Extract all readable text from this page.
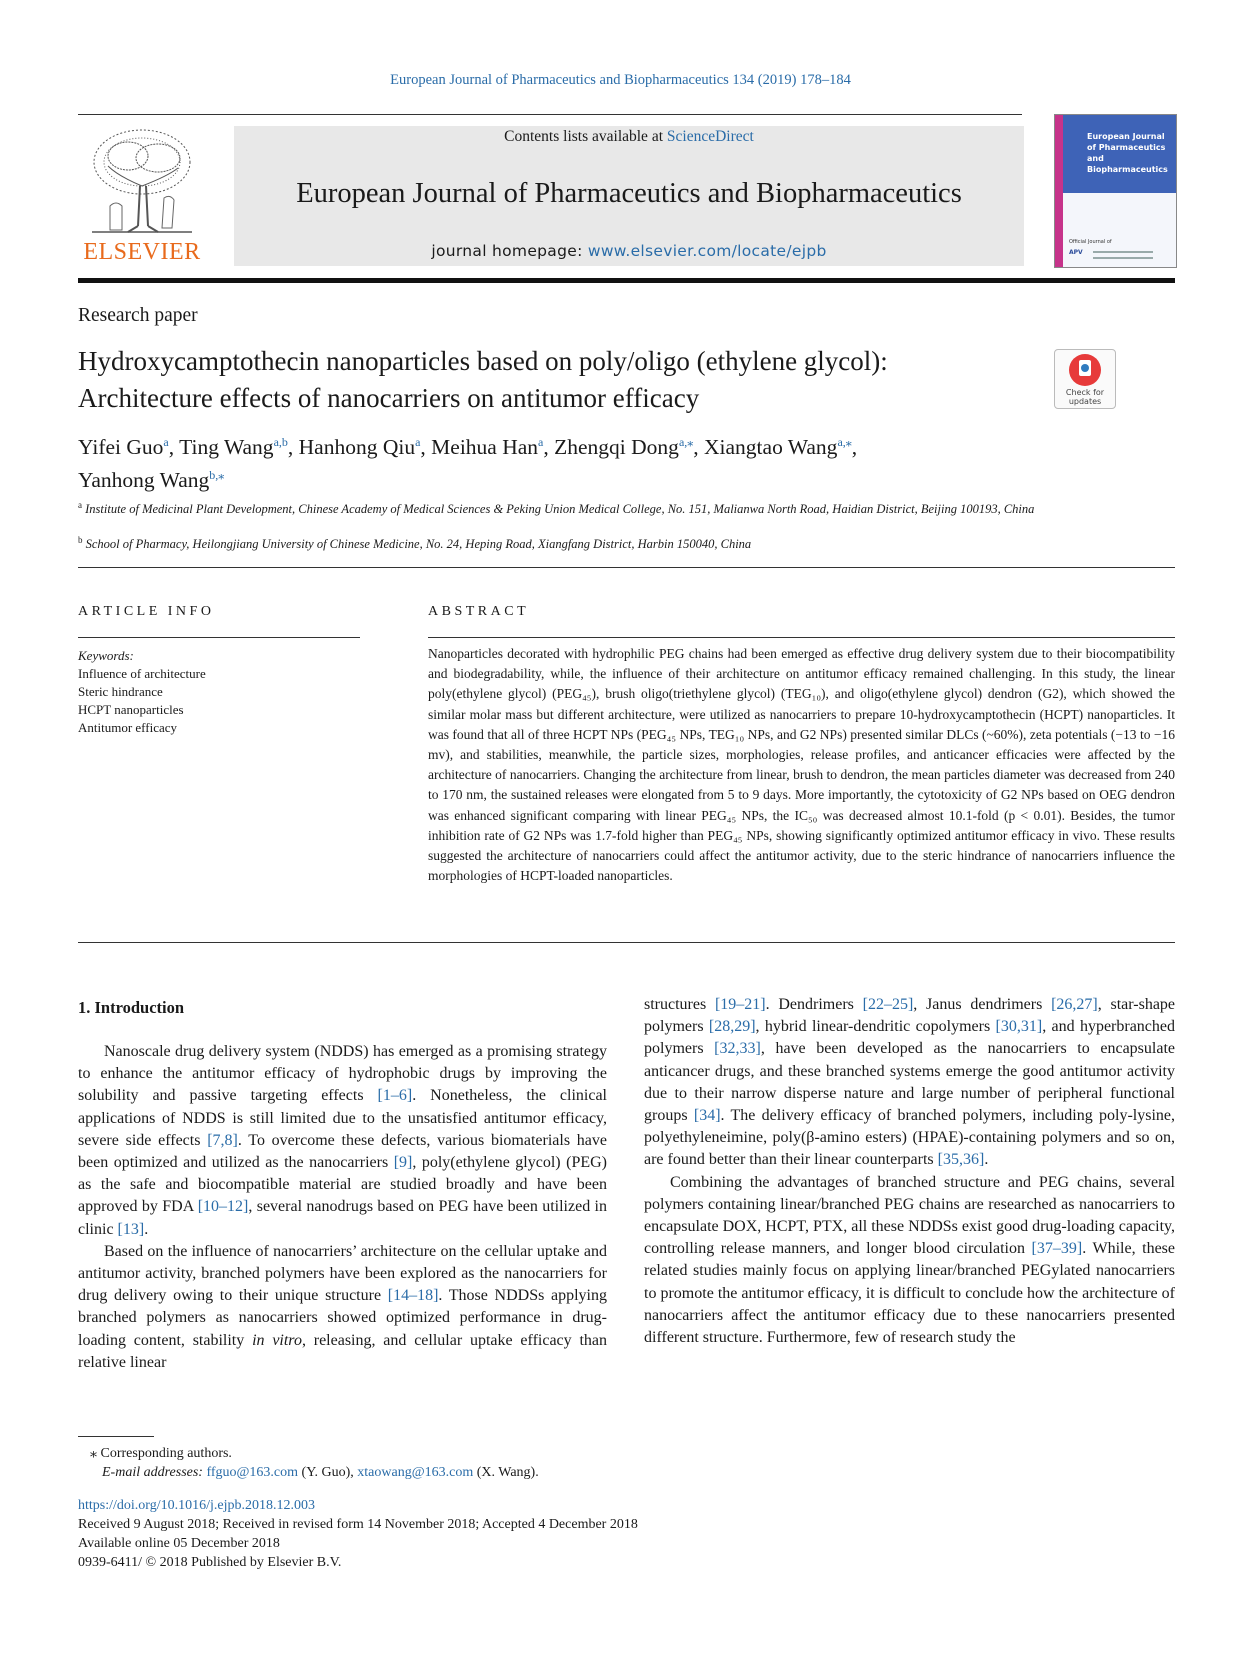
European Journal of Pharmaceutics and Biopharmaceutics 134 (2019) 178–184
ELSEVIER
Contents lists available at ScienceDirect
European Journal of Pharmaceutics and Biopharmaceutics
journal homepage: www.elsevier.com/locate/ejpb
European Journal of Pharmaceutics and Biopharmaceutics
Official Journal of
APV
Research paper
Hydroxycamptothecin nanoparticles based on poly/oligo (ethylene glycol):
Architecture effects of nanocarriers on antitumor efficacy	Check for updates
Yifei Guo$^a$, Ting Wang$^{a,b}$, Hanhong Qiu$^a$, Meihua Han$^a$, Zhengqi Dong$^{a,⁎}$, Xiangtao Wang$^{a,⁎}$,
Yanhong Wang$^{b,⁎}$
$^a$ Institute of Medicinal Plant Development, Chinese Academy of Medical Sciences & Peking Union Medical College, No. 151, Malianwa North Road, Haidian District, Beijing 100193, China
$^b$ School of Pharmacy, Heilongjiang University of Chinese Medicine, No. 24, Heping Road, Xiangfang District, Harbin 150040, China
ARTICLE INFO
Keywords:
Influence of architecture
Steric hindrance
HCPT nanoparticles
Antitumor efficacy
ABSTRACT

Nanoparticles decorated with hydrophilic PEG chains had been emerged as effective drug delivery system due to their biocompatibility and biodegradability, while, the influence of their architecture on antitumor efficacy remained challenging. In this study, the linear poly(ethylene glycol) (PEG₄₅), brush oligo(triethylene glycol) (TEG₁₀), and oligo(ethylene glycol) dendron (G2), which showed the similar molar mass but different architecture, were utilized as nanocarriers to prepare 10-hydroxycamptothecin (HCPT) nanoparticles. It was found that all of three HCPT NPs (PEG₄₅ NPs, TEG₁₀ NPs, and G2 NPs) presented similar DLCs (~60%), zeta potentials (−13 to −16 mv), and stabilities, meanwhile, the particle sizes, morphologies, release profiles, and anticancer efficacies were affected by the architecture of nanocarriers. Changing the architecture from linear, brush to dendron, the mean particles diameter was decreased from 240 to 170 nm, the sustained releases were elongated from 5 to 9 days. More importantly, the cytotoxicity of G2 NPs based on OEG dendron was enhanced significant comparing with linear PEG₄₅ NPs, the IC₅₀ was decreased almost 10.1-fold (p < 0.01). Besides, the tumor inhibition rate of G2 NPs was 1.7-fold higher than PEG₄₅ NPs, showing significantly optimized antitumor efficacy in vivo. These results suggested the architecture of nanocarriers could affect the antitumor activity, due to the steric hindrance of nanocarriers influence the morphologies of HCPT-loaded nanoparticles.

1. Introduction

Nanoscale drug delivery system (NDDS) has emerged as a promising strategy to enhance the antitumor efficacy of hydrophobic drugs by improving the solubility and passive targeting effects [1–6]. Nonetheless, the clinical applications of NDDS is still limited due to the unsatisfied antitumor efficacy, severe side effects [7,8]. To overcome these defects, various biomaterials have been optimized and utilized as the nanocarriers [9], poly(ethylene glycol) (PEG) as the safe and biocompatible material are studied broadly and have been approved by FDA [10–12], several nanodrugs based on PEG have been utilized in clinic [13].

Based on the influence of nanocarriers’ architecture on the cellular uptake and antitumor activity, branched polymers have been explored as the nanocarriers for drug delivery owing to their unique structure [14–18]. Those NDDSs applying branched polymers as nanocarriers showed optimized performance in drug-loading content, stability in vitro, releasing, and cellular uptake efficacy than relative linear

structures [19–21]. Dendrimers [22–25], Janus dendrimers [26,27], star-shape polymers [28,29], hybrid linear-dendritic copolymers [30,31], and hyperbranched polymers [32,33], have been developed as the nanocarriers to encapsulate anticancer drugs, and these branched systems emerge the good antitumor activity due to their narrow disperse nature and large number of peripheral functional groups [34]. The delivery efficacy of branched polymers, including poly-lysine, polyethyleneimine, poly(β-amino esters) (HPAE)-containing polymers and so on, are found better than their linear counterparts [35,36].

Combining the advantages of branched structure and PEG chains, several polymers containing linear/branched PEG chains are researched as nanocarriers to encapsulate DOX, HCPT, PTX, all these NDDSs exist good drug-loading capacity, controlling release manners, and longer blood circulation [37–39]. While, these related studies mainly focus on applying linear/branched PEGylated nanocarriers to promote the antitumor efficacy, it is difficult to conclude how the architecture of nanocarriers affect the antitumor efficacy due to these nanocarriers presented different structure. Furthermore, few of research study the

⁎ Corresponding authors.
E-mail addresses: ffguo@163.com (Y. Guo), xtaowang@163.com (X. Wang).
https://doi.org/10.1016/j.ejpb.2018.12.003
Received 9 August 2018; Received in revised form 14 November 2018; Accepted 4 December 2018
Available online 05 December 2018
0939-6411/ © 2018 Published by Elsevier B.V.
